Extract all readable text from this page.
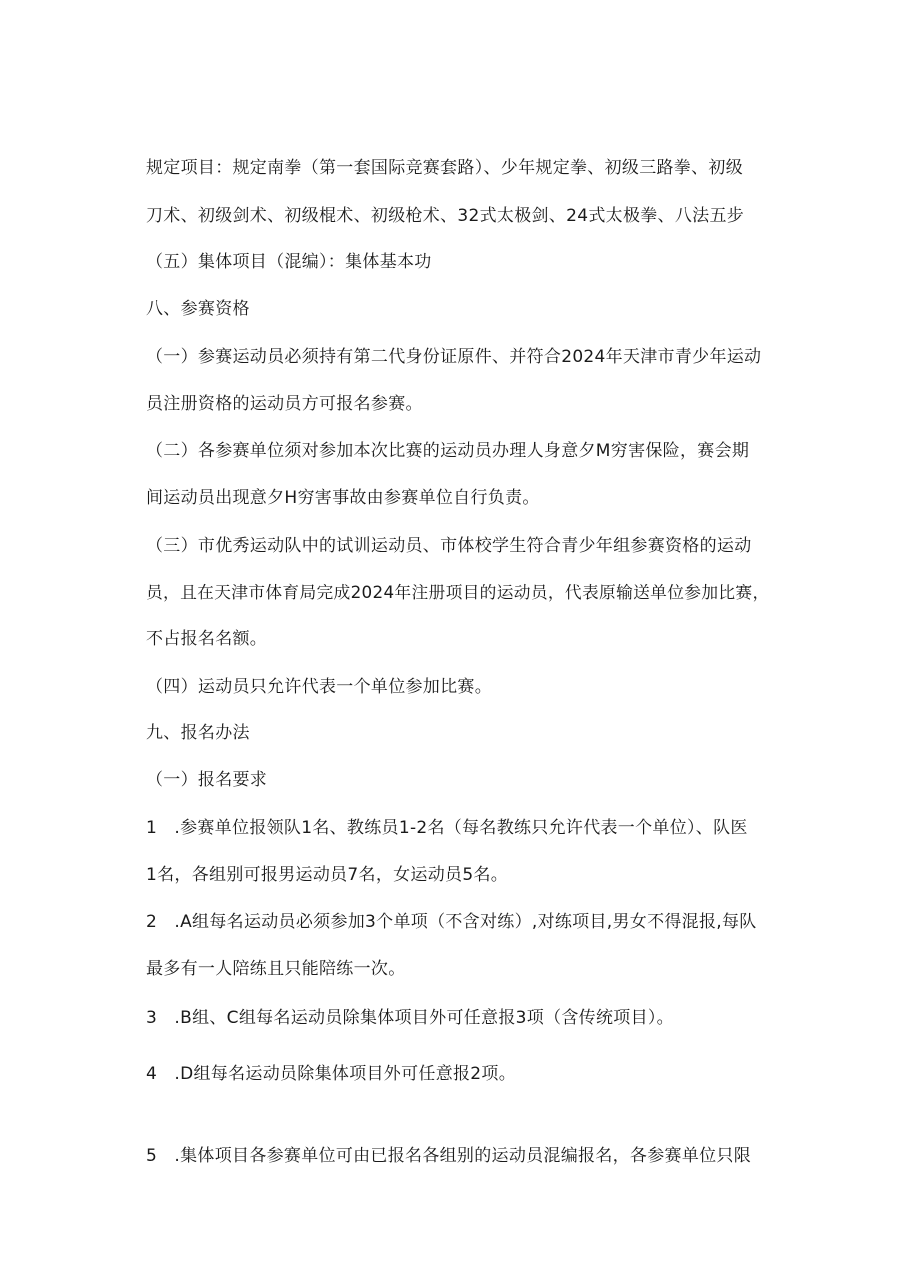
规定项目：规定南拳（第一套国际竞赛套路）、少年规定拳、初级三路拳、初级
刀术、初级剑术、初级棍术、初级枪术、32式太极剑、24式太极拳、八法五步
（五）集体项目（混编）：集体基本功
八、参赛资格
（一）参赛运动员必须持有第二代身份证原件、并符合2024年天津市青少年运动
员注册资格的运动员方可报名参赛。
（二）各参赛单位须对参加本次比赛的运动员办理人身意夕M穷害保险，赛会期
间运动员出现意夕H穷害事故由参赛单位自行负责。
（三）市优秀运动队中的试训运动员、市体校学生符合青少年组参赛资格的运动
员，且在天津市体育局完成2024年注册项目的运动员，代表原输送单位参加比赛，
不占报名名额。
（四）运动员只允许代表一个单位参加比赛。
九、报名办法
（一）报名要求
1　.参赛单位报领队1名、教练员1-2名（每名教练只允许代表一个单位）、队医
1名，各组别可报男运动员7名，女运动员5名。
2　.A组每名运动员必须参加3个单项（不含对练）,对练项目,男女不得混报,每队
最多有一人陪练且只能陪练一次。
3　.B组、C组每名运动员除集体项目外可任意报3项（含传统项目）。
4　.D组每名运动员除集体项目外可任意报2项。
5　.集体项目各参赛单位可由已报名各组别的运动员混编报名，各参赛单位只限
